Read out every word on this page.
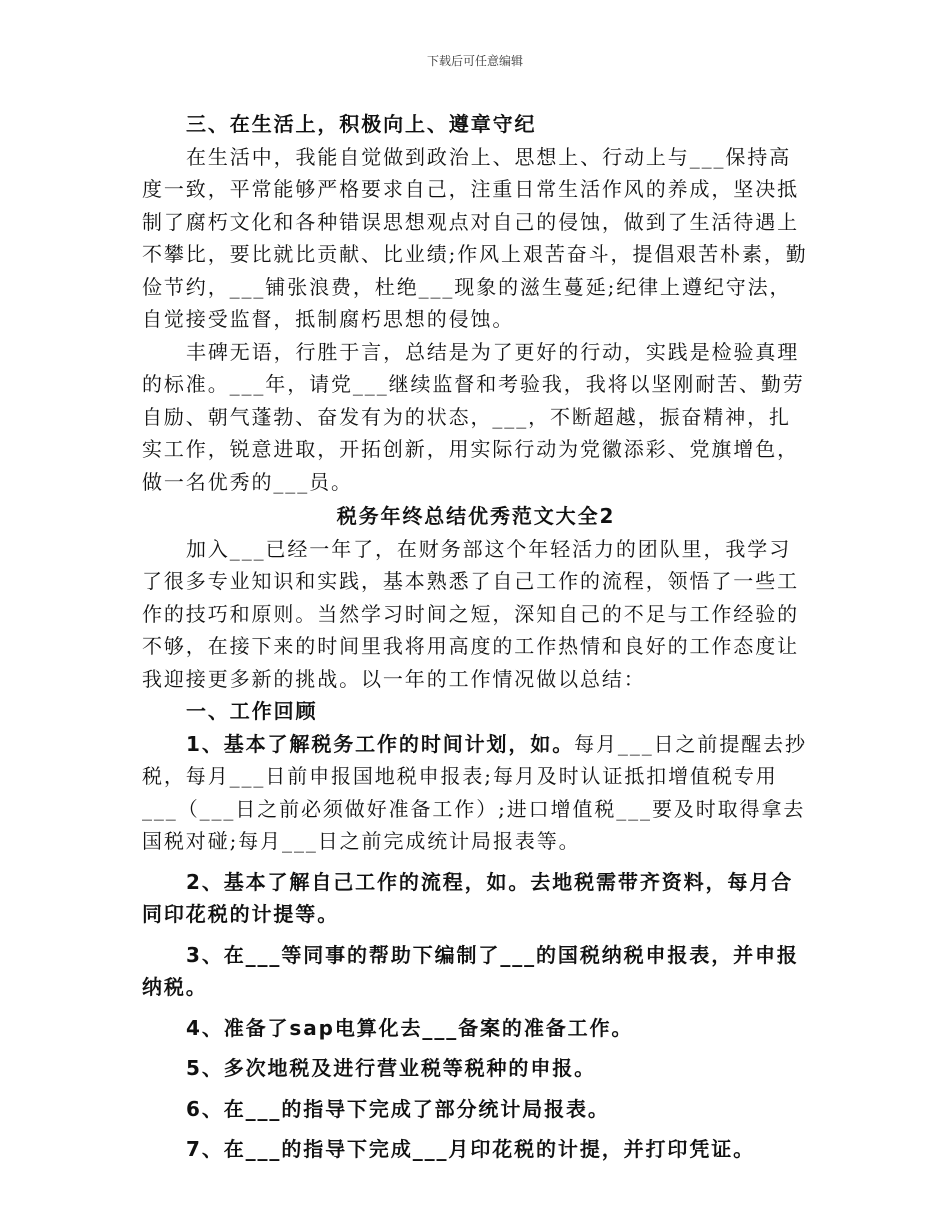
下载后可任意编辑

三、在生活上，积极向上、遵章守纪

在生活中，我能自觉做到政治上、思想上、行动上与___保持高度一致，平常能够严格要求自己，注重日常生活作风的养成，坚决抵制了腐朽文化和各种错误思想观点对自己的侵蚀，做到了生活待遇上不攀比，要比就比贡献、比业绩;作风上艰苦奋斗，提倡艰苦朴素，勤俭节约，___铺张浪费，杜绝___现象的滋生蔓延;纪律上遵纪守法，自觉接受监督，抵制腐朽思想的侵蚀。

丰碑无语，行胜于言，总结是为了更好的行动，实践是检验真理的标准。___年，请党___继续监督和考验我，我将以坚刚耐苦、勤劳自励、朝气蓬勃、奋发有为的状态，___，不断超越，振奋精神，扎实工作，锐意进取，开拓创新，用实际行动为党徽添彩、党旗增色，做一名优秀的___员。

税务年终总结优秀范文大全2

加入___已经一年了，在财务部这个年轻活力的团队里，我学习了很多专业知识和实践，基本熟悉了自己工作的流程，领悟了一些工作的技巧和原则。当然学习时间之短，深知自己的不足与工作经验的不够，在接下来的时间里我将用高度的工作热情和良好的工作态度让我迎接更多新的挑战。以一年的工作情况做以总结：

一、工作回顾

1、基本了解税务工作的时间计划，如。每月___日之前提醒去抄税，每月___日前申报国地税申报表;每月及时认证抵扣增值税专用___（___日之前必须做好准备工作）;进口增值税___要及时取得拿去国税对碰;每月___日之前完成统计局报表等。

2、基本了解自己工作的流程，如。去地税需带齐资料，每月合同印花税的计提等。

3、在___等同事的帮助下编制了___的国税纳税申报表，并申报纳税。

4、准备了sap电算化去___备案的准备工作。

5、多次地税及进行营业税等税种的申报。

6、在___的指导下完成了部分统计局报表。

7、在___的指导下完成___月印花税的计提，并打印凭证。
